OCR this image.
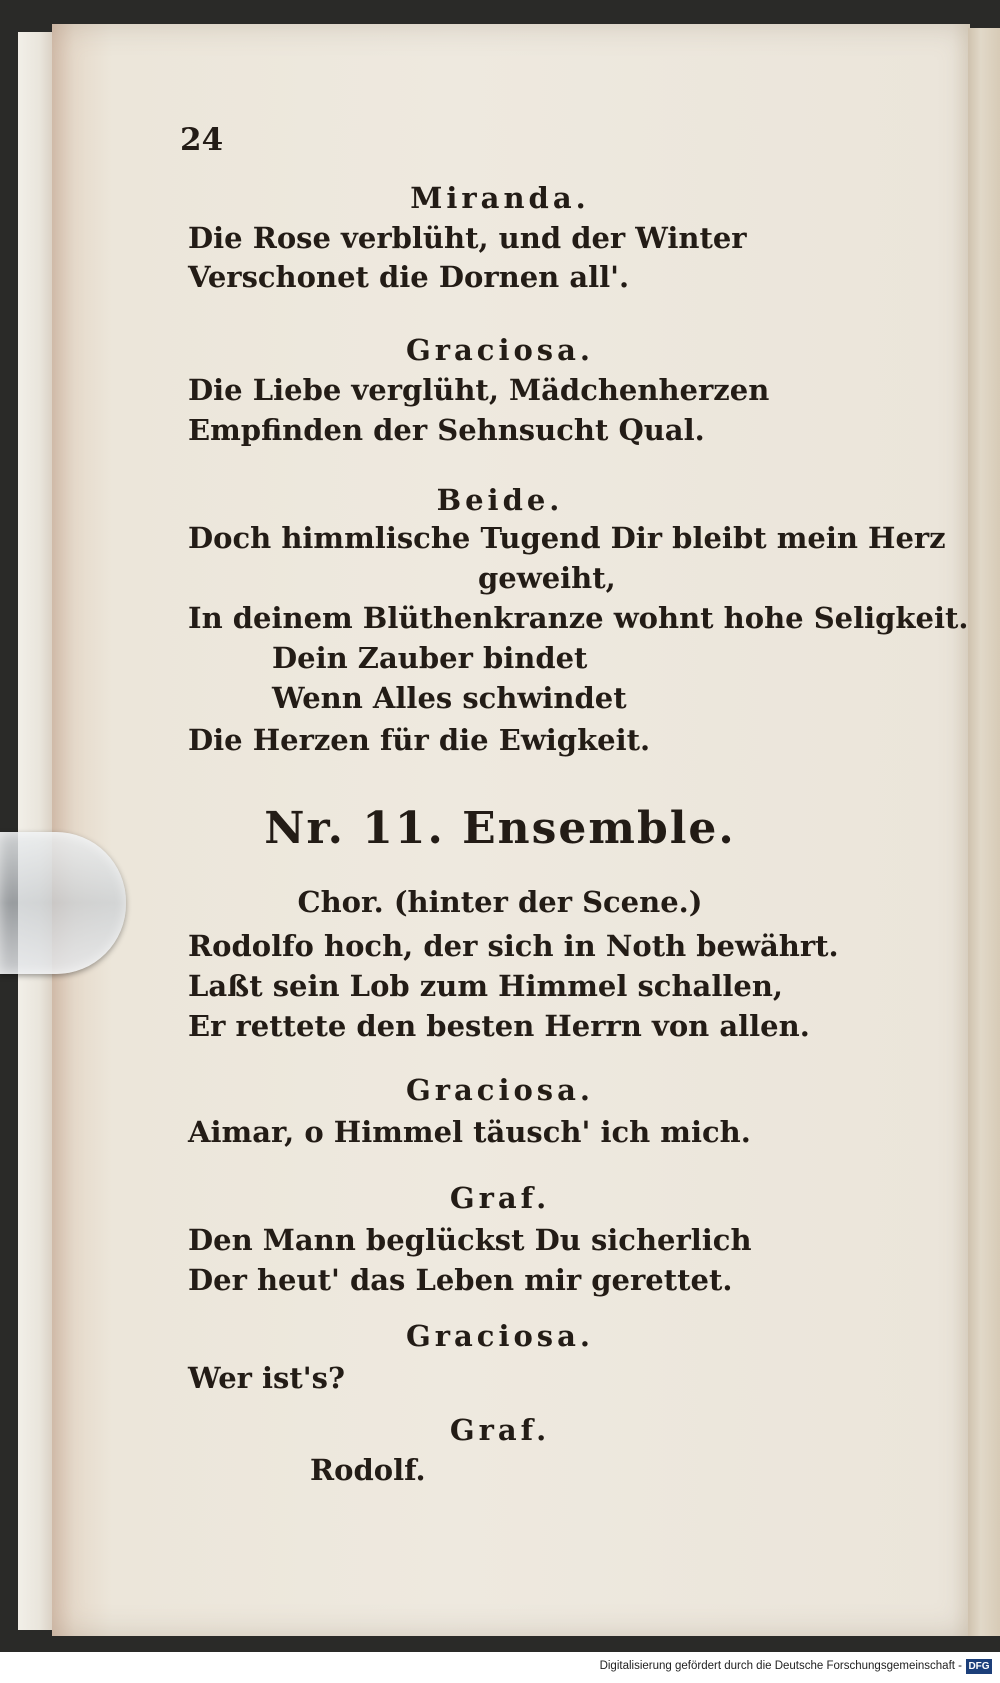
24
Miranda.
Die Rose verblüht, und der Winter
Verschonet die Dornen all'.
Graciosa.
Die Liebe verglüht, Mädchenherzen
Empfinden der Sehnsucht Qual.
Beide.
Doch himmlische Tugend Dir bleibt mein Herz
geweiht,
In deinem Blüthenkranze wohnt hohe Seligkeit.
Dein Zauber bindet
Wenn Alles schwindet
Die Herzen für die Ewigkeit.
Nr. 11. Ensemble.
Chor. (hinter der Scene.)
Rodolfo hoch, der sich in Noth bewährt.
Laßt sein Lob zum Himmel schallen,
Er rettete den besten Herrn von allen.
Graciosa.
Aimar, o Himmel täusch' ich mich.
Graf.
Den Mann beglückst Du sicherlich
Der heut' das Leben mir gerettet.
Graciosa.
Wer ist's?
Graf.
Rodolf.
Digitalisierung gefördert durch die Deutsche Forschungsgemeinschaft - DFG
